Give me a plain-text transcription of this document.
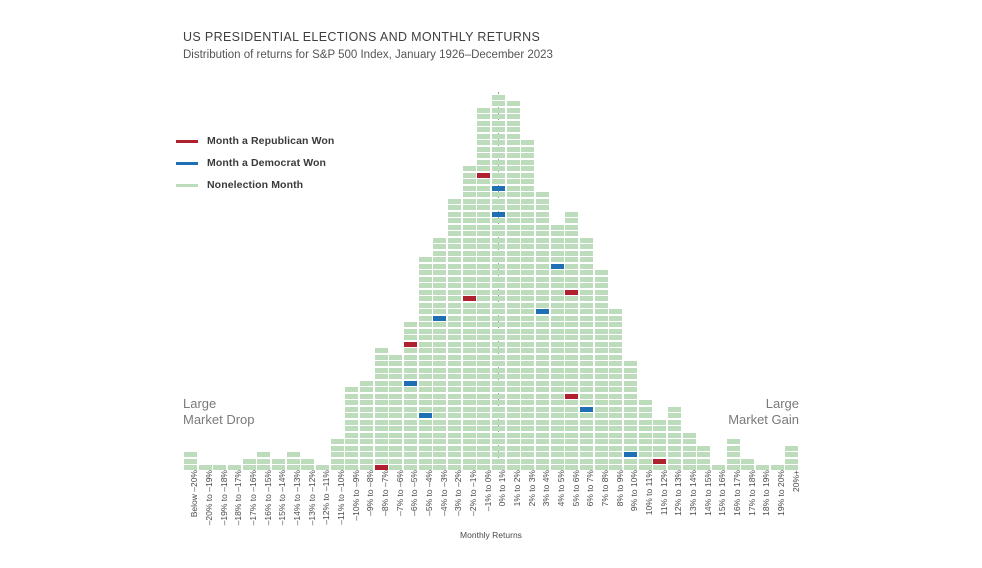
US PRESIDENTIAL ELECTIONS AND MONTHLY RETURNS

Distribution of returns for S&P 500 Index, January 1926–December 2023

Month a Republican Won
Month a Democrat Won
Nonelection Month
Large
Market Drop
Large
Market Gain
Below –20% –20% to –19% –19% to –18% –18% to –17% –17% to –16% –16% to –15% –15% to –14% –14% to –13% –13% to –12% –12% to –11% –11% to –10% –10% to –9% –9% to –8% –8% to –7% –7% to –6% –6% to –5% –5% to –4% –4% to –3% –3% to –2% –2% to –1% –1% to 0% 0% to 1% 1% to 2% 2% to 3% 3% to 4% 4% to 5% 5% to 6% 6% to 7% 7% to 8% 8% to 9% 9% to 10% 10% to 11% 11% to 12% 12% to 13% 13% to 14% 14% to 15% 15% to 16% 16% to 17% 17% to 18% 18% to 19% 19% to 20% 20%+
Monthly Returns
